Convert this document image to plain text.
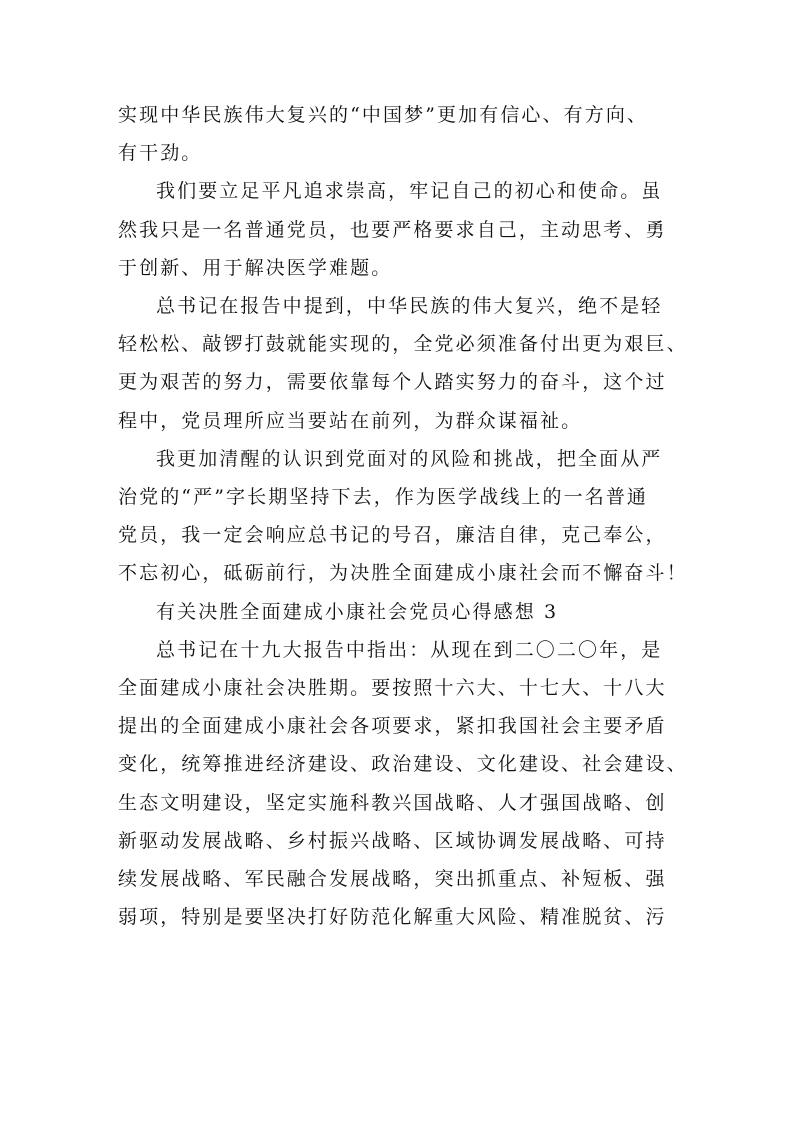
实现中华民族伟大复兴的“中国梦”更加有信心、有方向、
有干劲。

我们要立足平凡追求崇高，牢记自己的初心和使命。虽
然我只是一名普通党员，也要严格要求自己，主动思考、勇
于创新、用于解决医学难题。

总书记在报告中提到，中华民族的伟大复兴，绝不是轻
轻松松、敲锣打鼓就能实现的，全党必须准备付出更为艰巨、
更为艰苦的努力，需要依靠每个人踏实努力的奋斗，这个过
程中，党员理所应当要站在前列，为群众谋福祉。

我更加清醒的认识到党面对的风险和挑战，把全面从严
治党的“严”字长期坚持下去，作为医学战线上的一名普通
党员，我一定会响应总书记的号召，廉洁自律，克己奉公，
不忘初心，砥砺前行，为决胜全面建成小康社会而不懈奋斗！

有关决胜全面建成小康社会党员心得感想 3

总书记在十九大报告中指出：从现在到二〇二〇年，是
全面建成小康社会决胜期。要按照十六大、十七大、十八大
提出的全面建成小康社会各项要求，紧扣我国社会主要矛盾
变化，统筹推进经济建设、政治建设、文化建设、社会建设、
生态文明建设，坚定实施科教兴国战略、人才强国战略、创
新驱动发展战略、乡村振兴战略、区域协调发展战略、可持
续发展战略、军民融合发展战略，突出抓重点、补短板、强
弱项，特别是要坚决打好防范化解重大风险、精准脱贫、污
